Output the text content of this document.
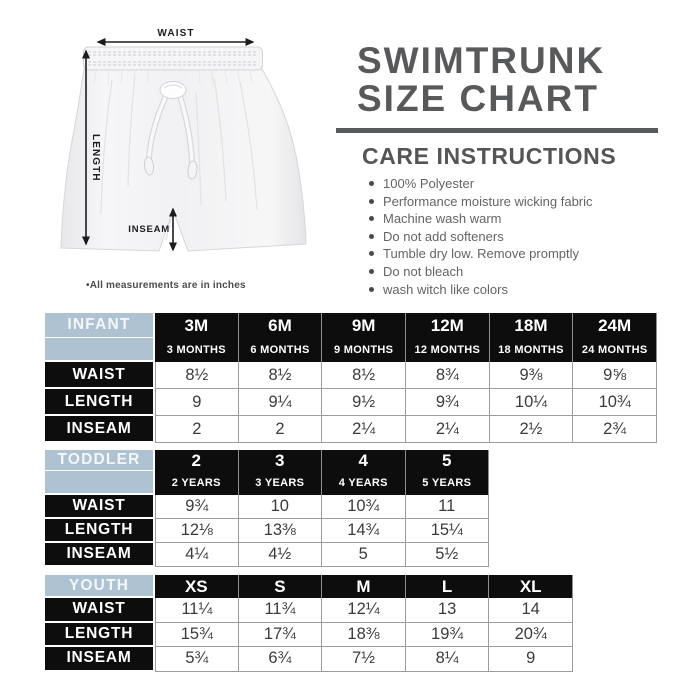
WAIST
LENGTH
INSEAM
•All measurements are in inches
SWIMTRUNK
SIZE CHART
CARE INSTRUCTIONS
100% Polyester
Performance moisture wicking fabric
Machine wash warm
Do not add softeners
Tumble dry low. Remove promptly
Do not bleach
wash witch like colors
INFANT	3M	6M	9M	12M	18M	24M
	3 MONTHS	6 MONTHS	9 MONTHS	12 MONTHS	18 MONTHS	24 MONTHS
WAIST	8½	8½	8½	8¾	9⅜	9⅝
LENGTH	9	9¼	9½	9¾	10¼	10¾
INSEAM	2	2	2¼	2¼	2½	2¾
TODDLER	2	3	4	5
	2 YEARS	3 YEARS	4 YEARS	5 YEARS
WAIST	9¾	10	10¾	11
LENGTH	12⅛	13⅜	14¾	15¼
INSEAM	4¼	4½	5	5½
YOUTH	XS	S	M	L	XL
WAIST	11¼	11¾	12¼	13	14
LENGTH	15¾	17¾	18⅜	19¾	20¾
INSEAM	5¾	6¾	7½	8¼	9
